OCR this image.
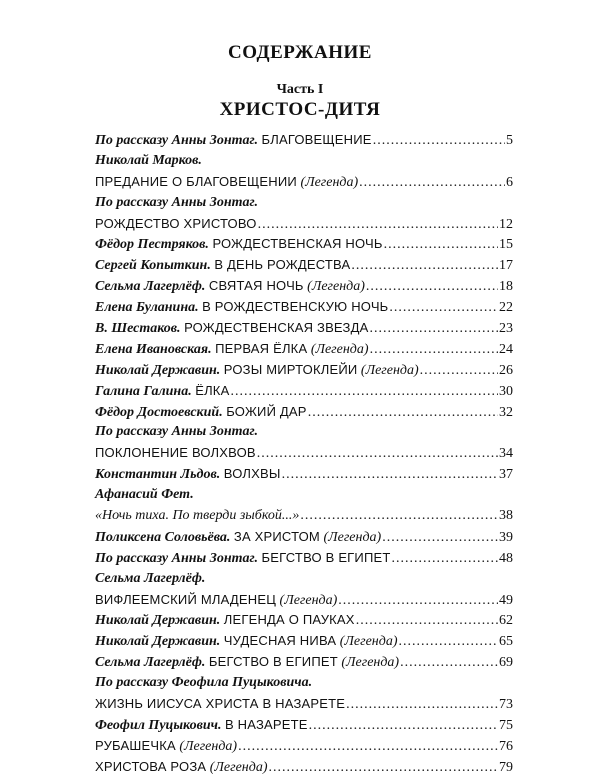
СОДЕРЖАНИЕ
Часть I
ХРИСТОС-ДИТЯ
По рассказу Анны Зонтаг. БЛАГОВЕЩЕНИЕ .....	5
Николай Марков.
ПРЕДАНИЕ О БЛАГОВЕЩЕНИИ (Легенда) .....	6
По рассказу Анны Зонтаг.
РОЖДЕСТВО ХРИСТОВО .....	12
Фёдор Пестряков. РОЖДЕСТВЕНСКАЯ НОЧЬ .....	15
Сергей Копыткин. В ДЕНЬ РОЖДЕСТВА .....	17
Сельма Лагерлёф. СВЯТАЯ НОЧЬ (Легенда) .....	18
Елена Буланина. В РОЖДЕСТВЕНСКУЮ НОЧЬ .....	22
В. Шестаков. РОЖДЕСТВЕНСКАЯ ЗВЕЗДА .....	23
Елена Ивановская. ПЕРВАЯ ЁЛКА (Легенда) .....	24
Николай Державин. РОЗЫ МИРТОКЛЕЙИ (Легенда) .....	26
Галина Галина. ЁЛКА .....	30
Фёдор Достоевский. БОЖИЙ ДАР .....	32
По рассказу Анны Зонтаг.
ПОКЛОНЕНИЕ ВОЛХВОВ .....	34
Константин Льдов. ВОЛХВЫ .....	37
Афанасий Фет.
«Ночь тиха. По тверди зыбкой...» .....	38
Поликсена Соловьёва. ЗА ХРИСТОМ (Легенда) .....	39
По рассказу Анны Зонтаг. БЕГСТВО В ЕГИПЕТ .....	48
Сельма Лагерлёф.
ВИФЛЕЕМСКИЙ МЛАДЕНЕЦ (Легенда) .....	49
Николай Державин. ЛЕГЕНДА О ПАУКАХ .....	62
Николай Державин. ЧУДЕСНАЯ НИВА (Легенда) .....	65
Сельма Лагерлёф. БЕГСТВО В ЕГИПЕТ (Легенда) .....	69
По рассказу Феофила Пуцыковича.
ЖИЗНЬ ИИСУСА ХРИСТА В НАЗАРЕТЕ .....	73
Феофил Пуцыкович. В НАЗАРЕТЕ .....	75
РУБАШЕЧКА (Легенда) .....	76
ХРИСТОВА РОЗА (Легенда) .....	79
